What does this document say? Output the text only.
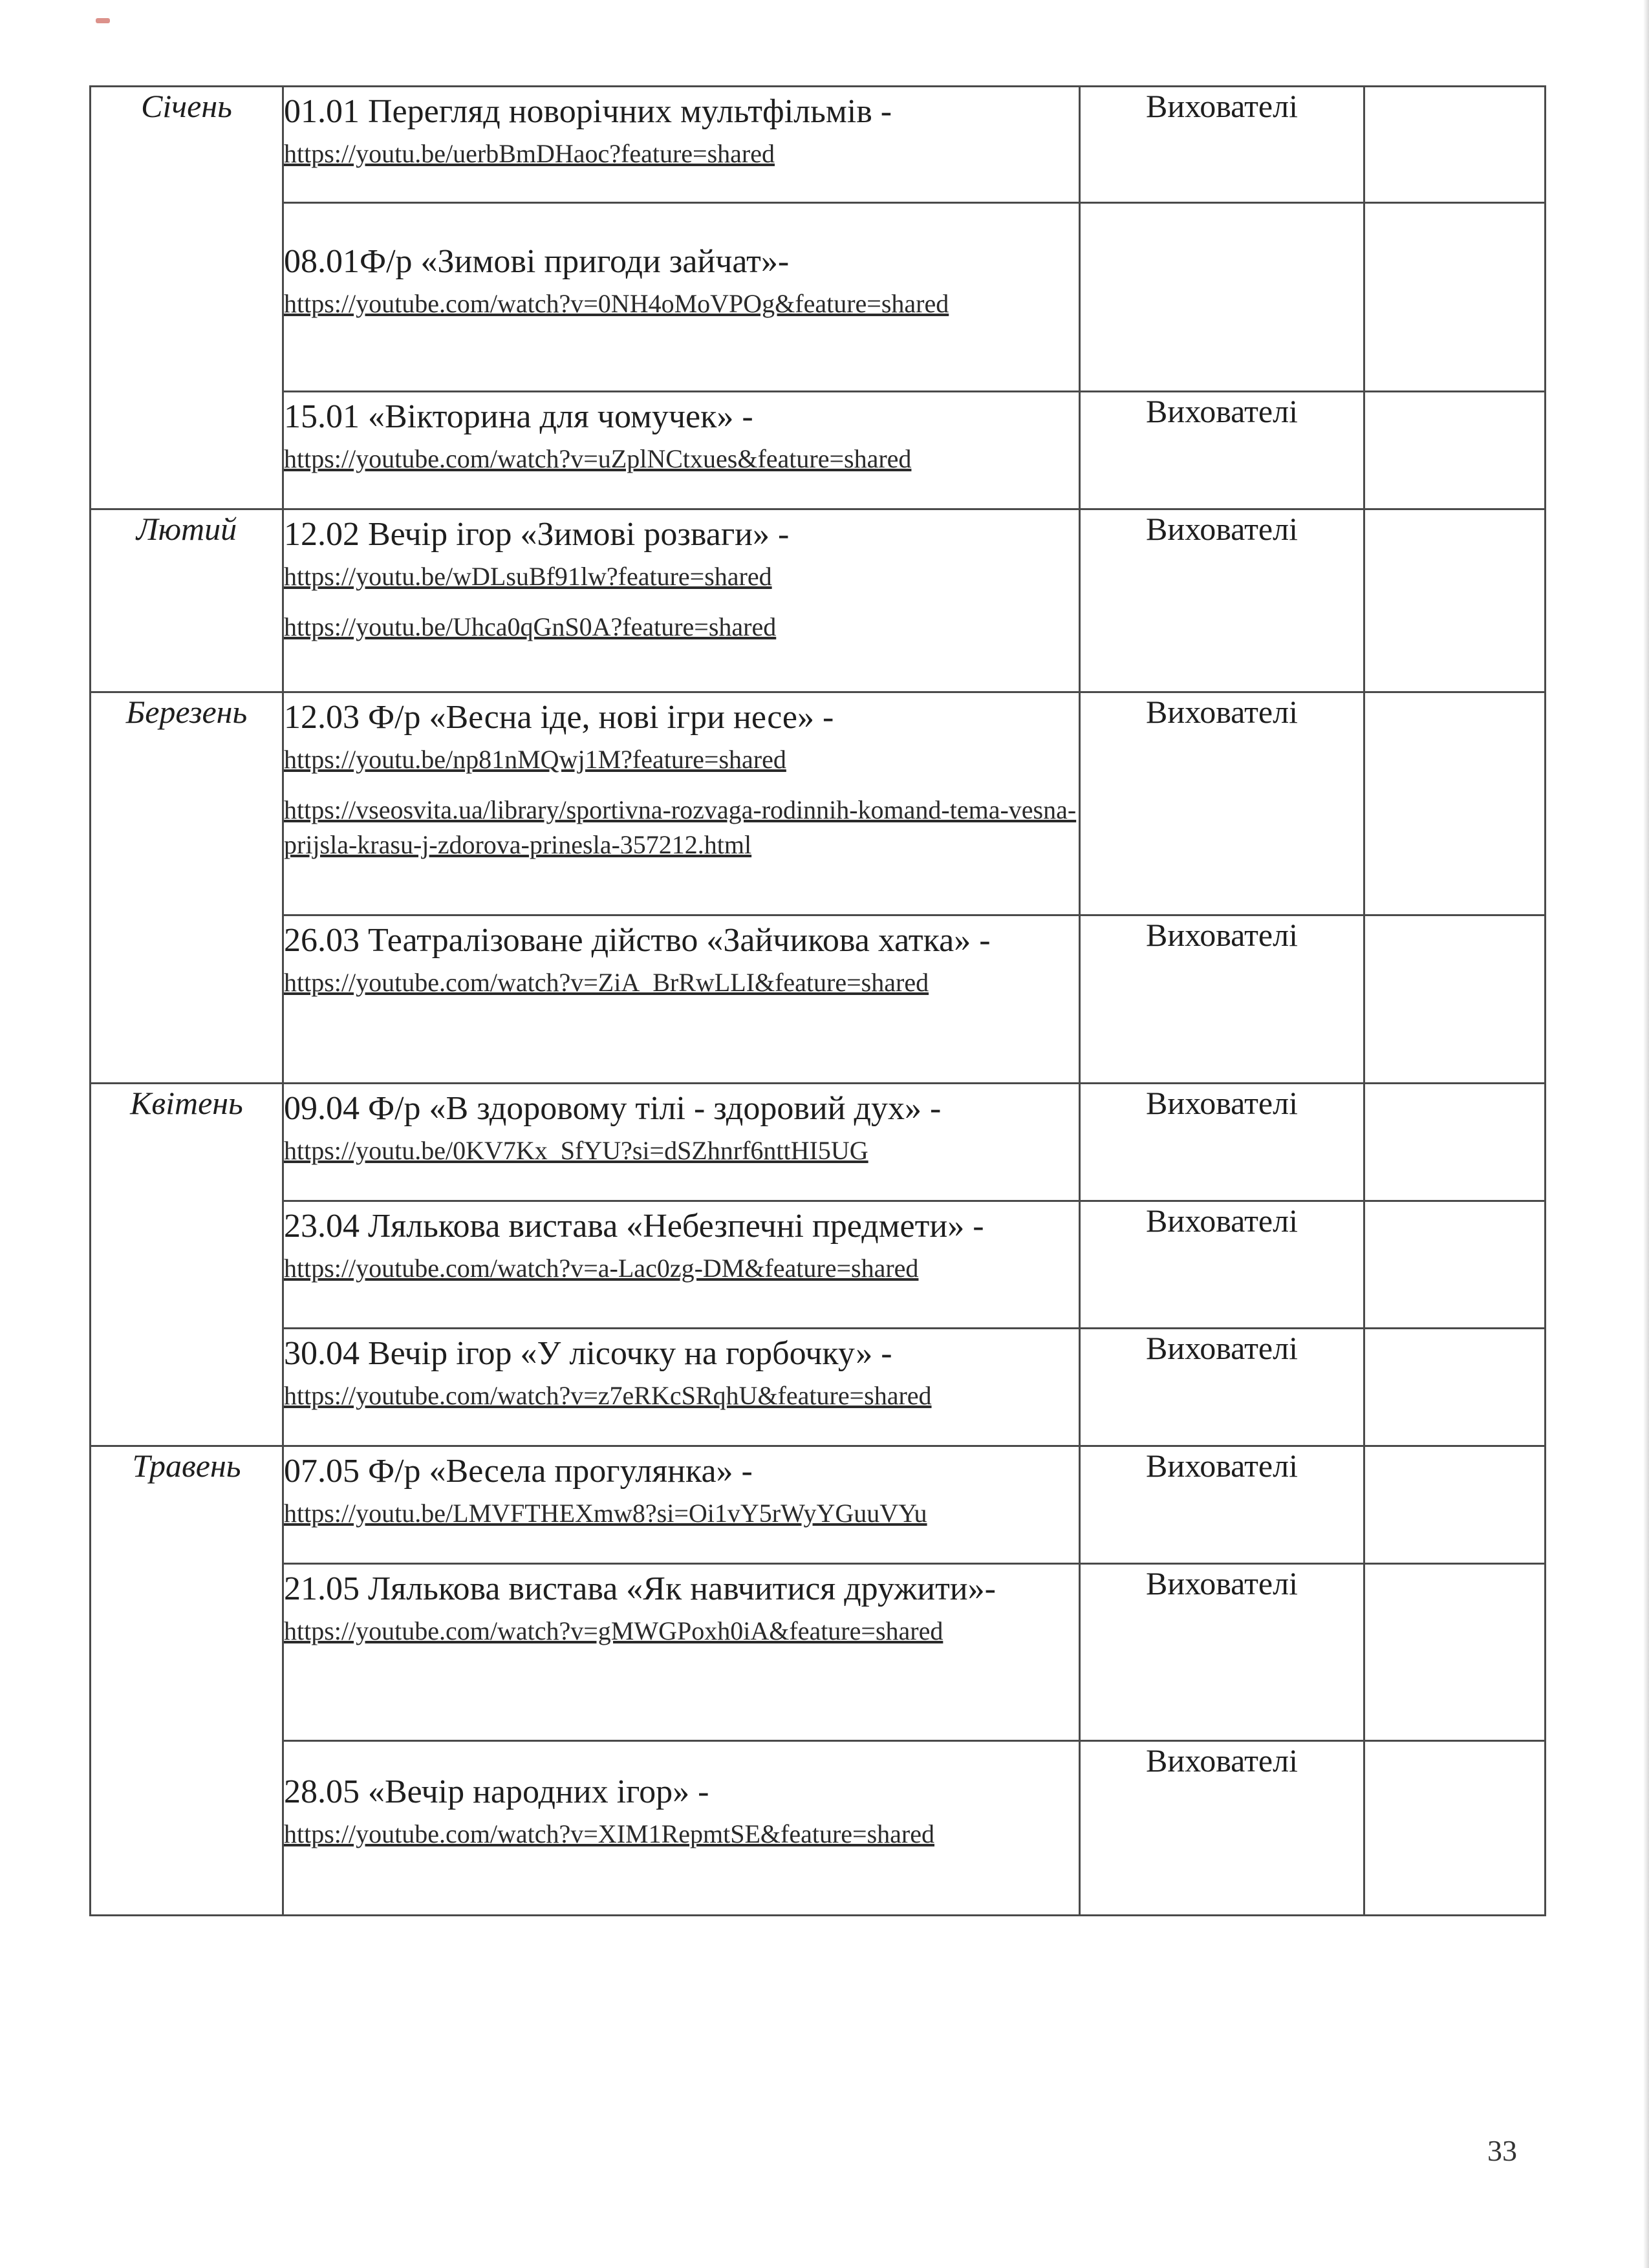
Січень	01.01 Перегляд новорічних мультфільмів -
https://youtu.be/uerbBmDHaoc?feature=shared	Вихователі	

	08.01Ф/р «Зимові пригоди зайчат»-
https://youtube.com/watch?v=0NH4oMoVPOg&feature=shared		

	15.01 «Вікторина для чомучек» -
https://youtube.com/watch?v=uZplNCtxues&feature=shared	Вихователі	
Лютий	12.02 Вечір ігор «Зимові розваги» -
https://youtu.be/wDLsuBf91lw?feature=shared
https://youtu.be/Uhca0qGnS0A?feature=shared	Вихователі	
Березень	12.03 Ф/р «Весна іде, нові ігри несе» -
https://youtu.be/np81nMQwj1M?feature=shared
https://vseosvita.ua/library/sportivna-rozvaga-rodinnih-komand-tema-vesna-prijsla-krasu-j-zdorova-prinesla-357212.html	Вихователі	

	26.03 Театралізоване дійство «Зайчикова хатка» -
https://youtube.com/watch?v=ZiA_BrRwLLI&feature=shared	Вихователі	
Квітень	09.04 Ф/р «В здоровому тілі - здоровий дух» -
https://youtu.be/0KV7Kx_SfYU?si=dSZhnrf6nttHI5UG	Вихователі	

	23.04 Лялькова вистава «Небезпечні предмети» -
https://youtube.com/watch?v=a-Lac0zg-DM&feature=shared	Вихователі	

	30.04 Вечір ігор «У лісочку на горбочку» -
https://youtube.com/watch?v=z7eRKcSRqhU&feature=shared	Вихователі	
Травень	07.05 Ф/р «Весела прогулянка» -
https://youtu.be/LMVFTHEXmw8?si=Oi1vY5rWyYGuuVYu	Вихователі	

	21.05 Лялькова вистава «Як навчитися дружити»-
https://youtube.com/watch?v=gMWGPoxh0iA&feature=shared	Вихователі	

	28.05 «Вечір народних ігор» -
https://youtube.com/watch?v=XIM1RepmtSE&feature=shared	Вихователі	
33
